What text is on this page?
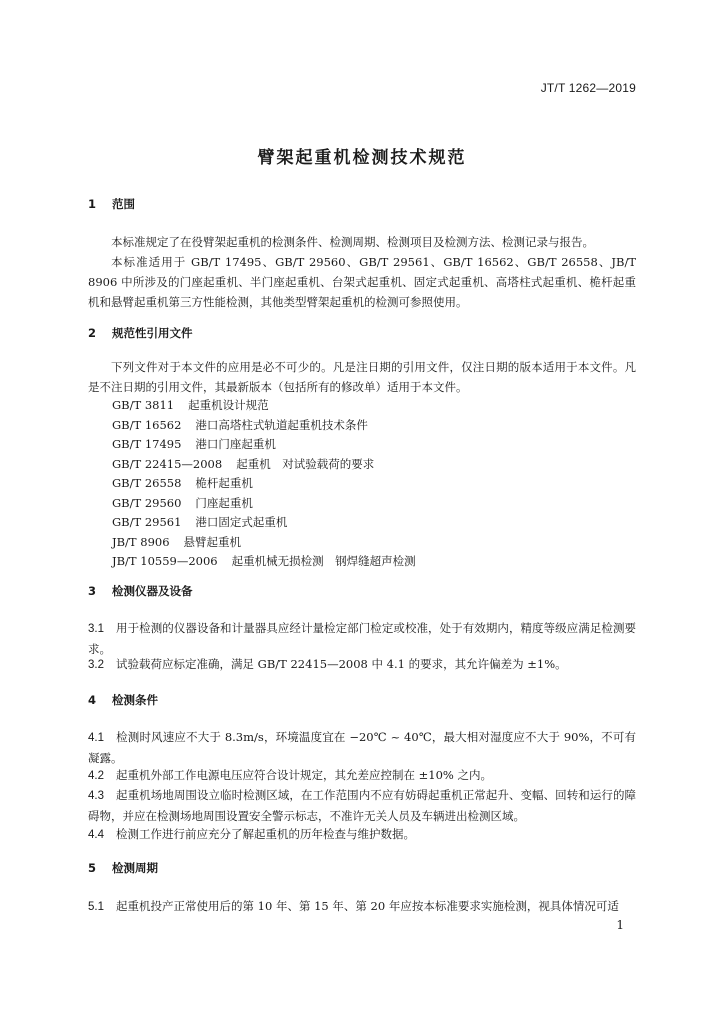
JT/T 1262—2019
臂架起重机检测技术规范
1 范围
本标准规定了在役臂架起重机的检测条件、检测周期、检测项目及检测方法、检测记录与报告。
本标准适用于 GB/T 17495、GB/T 29560、GB/T 29561、GB/T 16562、GB/T 26558、JB/T 8906 中所涉及的门座起重机、半门座起重机、台架式起重机、固定式起重机、高塔柱式起重机、桅杆起重机和悬臂起重机第三方性能检测，其他类型臂架起重机的检测可参照使用。
2 规范性引用文件
下列文件对于本文件的应用是必不可少的。凡是注日期的引用文件，仅注日期的版本适用于本文件。凡是不注日期的引用文件，其最新版本（包括所有的修改单）适用于本文件。
GB/T 3811 起重机设计规范
GB/T 16562 港口高塔柱式轨道起重机技术条件
GB/T 17495 港口门座起重机
GB/T 22415—2008 起重机　对试验载荷的要求
GB/T 26558 桅杆起重机
GB/T 29560 门座起重机
GB/T 29561 港口固定式起重机
JB/T 8906 悬臂起重机
JB/T 10559—2006 起重机械无损检测　钢焊缝超声检测
3 检测仪器及设备
3.1 用于检测的仪器设备和计量器具应经计量检定部门检定或校准，处于有效期内，精度等级应满足检测要求。
3.2 试验载荷应标定准确，满足 GB/T 22415—2008 中 4.1 的要求，其允许偏差为 ±1%。
4 检测条件
4.1 检测时风速应不大于 8.3m/s，环境温度宜在 −20℃ ~ 40℃，最大相对湿度应不大于 90%，不可有凝露。
4.2 起重机外部工作电源电压应符合设计规定，其允差应控制在 ±10% 之内。
4.3 起重机场地周围设立临时检测区域，在工作范围内不应有妨碍起重机正常起升、变幅、回转和运行的障碍物，并应在检测场地周围设置安全警示标志，不准许无关人员及车辆进出检测区域。
4.4 检测工作进行前应充分了解起重机的历年检查与维护数据。
5 检测周期
5.1 起重机投产正常使用后的第 10 年、第 15 年、第 20 年应按本标准要求实施检测，视具体情况可适
1
